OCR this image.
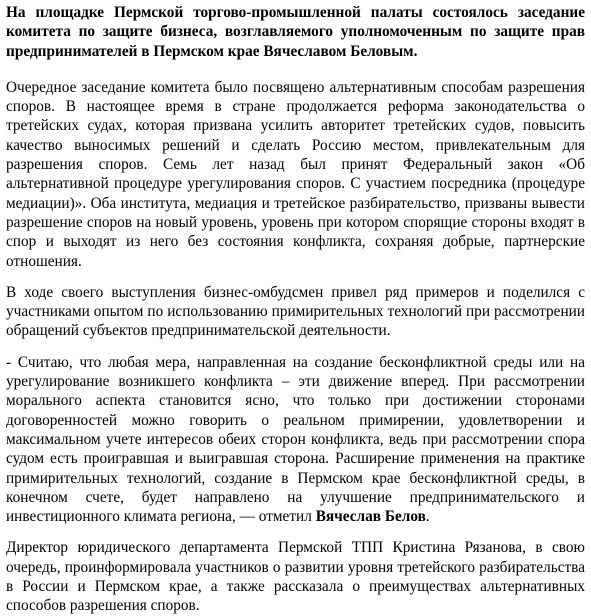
На площадке Пермской торгово-промышленной палаты состоялось заседание комитета по защите бизнеса, возглавляемого уполномоченным по защите прав предпринимателей в Пермском крае Вячеславом Беловым.

Очередное заседание комитета было посвящено альтернативным способам разрешения споров. В настоящее время в стране продолжается реформа законодательства о третейских судах, которая призвана усилить авторитет третейских судов, повысить качество выносимых решений и сделать Россию местом, привлекательным для разрешения споров. Семь лет назад был принят Федеральный закон «Об альтернативной процедуре урегулирования споров. С участием посредника (процедуре медиации)». Оба института, медиация и третейское разбирательство, призваны вывести разрешение споров на новый уровень, уровень при котором спорящие стороны входят в спор и выходят из него без состояния конфликта, сохраняя добрые, партнерские отношения.

В ходе своего выступления бизнес-омбудсмен привел ряд примеров и поделился с участниками опытом по использованию примирительных технологий при рассмотрении обращений субъектов предпринимательской деятельности.

- Считаю, что любая мера, направленная на создание бесконфликтной среды или на урегулирование возникшего конфликта – эти движение вперед. При рассмотрении морального аспекта становится ясно, что только при достижении сторонами договоренностей можно говорить о реальном примирении, удовлетворении и максимальном учете интересов обеих сторон конфликта, ведь при рассмотрении спора судом есть проигравшая и выигравшая сторона. Расширение применения на практике примирительных технологий, создание в Пермском крае бесконфликтной среды, в конечном счете, будет направлено на улучшение предпринимательского и инвестиционного климата региона, — отметил Вячеслав Белов.

Директор юридического департамента Пермской ТПП Кристина Рязанова, в свою очередь, проинформировала участников о развитии уровня третейского разбирательства в России и Пермском крае, а также рассказала о преимуществах альтернативных способов разрешения споров.
